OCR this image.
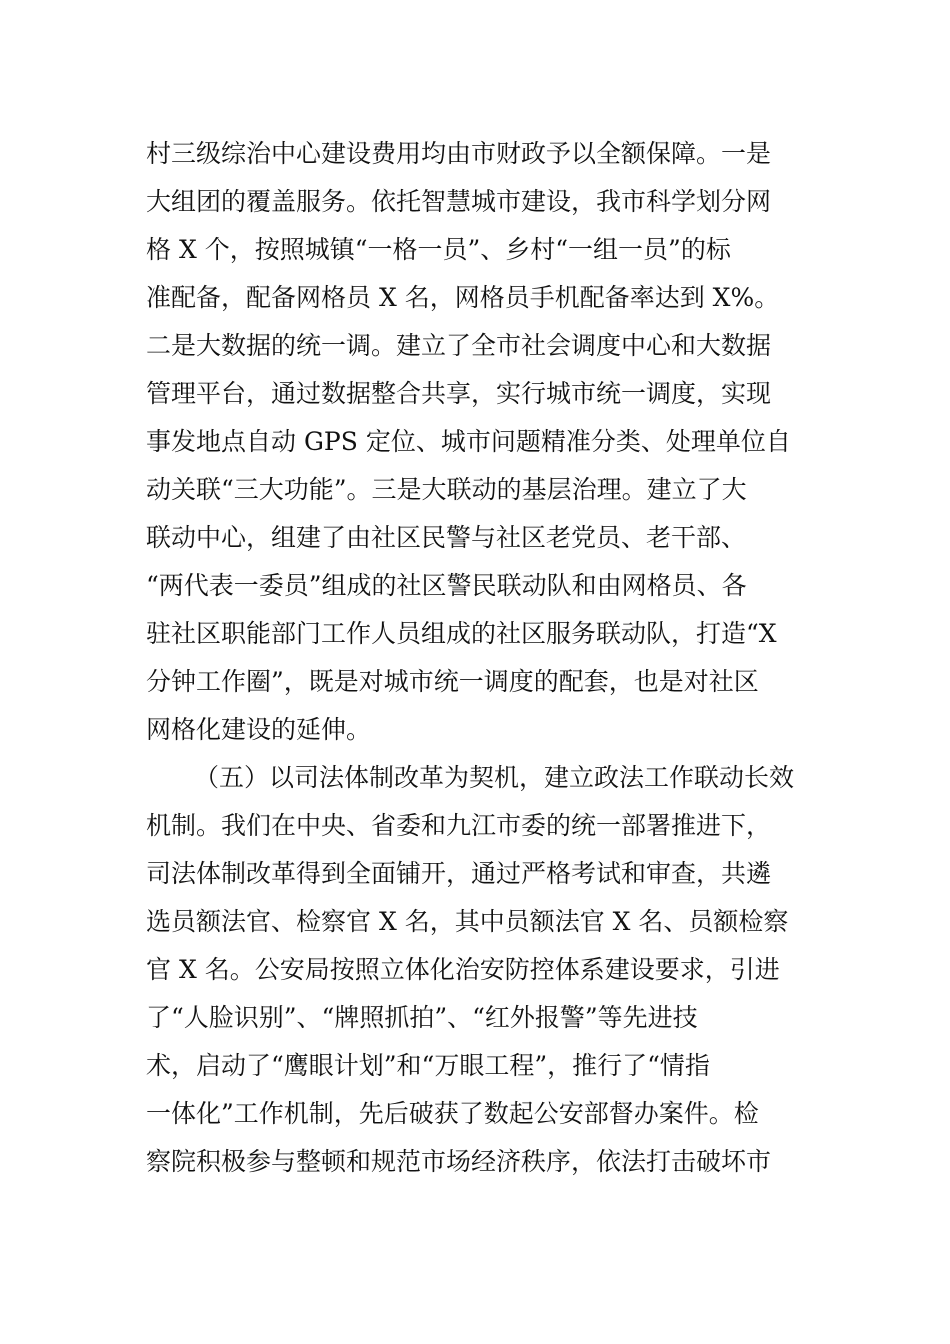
村三级综治中心建设费用均由市财政予以全额保障。一是
大组团的覆盖服务。依托智慧城市建设，我市科学划分网
格 X 个，按照城镇“一格一员”、乡村“一组一员”的标
准配备，配备网格员 X 名，网格员手机配备率达到 X%。
二是大数据的统一调。建立了全市社会调度中心和大数据
管理平台，通过数据整合共享，实行城市统一调度，实现
事发地点自动 GPS 定位、城市问题精准分类、处理单位自
动关联“三大功能”。三是大联动的基层治理。建立了大
联动中心，组建了由社区民警与社区老党员、老干部、
“两代表一委员”组成的社区警民联动队和由网格员、各
驻社区职能部门工作人员组成的社区服务联动队，打造“X
分钟工作圈”，既是对城市统一调度的配套，也是对社区
网格化建设的延伸。
（五）以司法体制改革为契机，建立政法工作联动长效
机制。我们在中央、省委和九江市委的统一部署推进下，
司法体制改革得到全面铺开，通过严格考试和审查，共遴
选员额法官、检察官 X 名，其中员额法官 X 名、员额检察
官 X 名。公安局按照立体化治安防控体系建设要求，引进
了“人脸识别”、“牌照抓拍”、“红外报警”等先进技
术，启动了“鹰眼计划”和“万眼工程”，推行了“情指
一体化”工作机制，先后破获了数起公安部督办案件。检
察院积极参与整顿和规范市场经济秩序，依法打击破坏市
